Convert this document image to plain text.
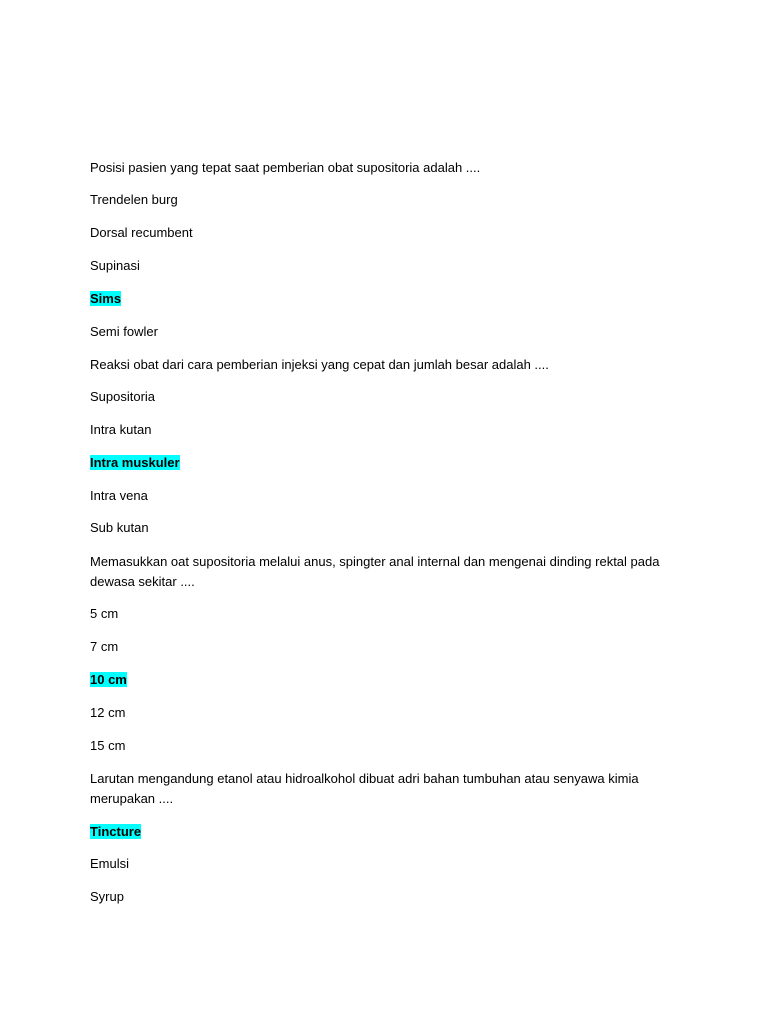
Posisi pasien yang tepat saat pemberian obat supositoria adalah ....
Trendelen burg
Dorsal recumbent
Supinasi
Sims
Semi fowler
Reaksi obat dari cara pemberian injeksi yang cepat dan jumlah besar adalah ....
Supositoria
Intra kutan
Intra muskuler
Intra vena
Sub kutan
Memasukkan oat supositoria melalui anus, spingter anal internal dan mengenai dinding rektal pada
dewasa sekitar ....
5 cm
7 cm
10 cm
12 cm
15 cm
Larutan mengandung etanol atau hidroalkohol dibuat adri bahan tumbuhan atau senyawa kimia
merupakan ....
Tincture
Emulsi
Syrup
